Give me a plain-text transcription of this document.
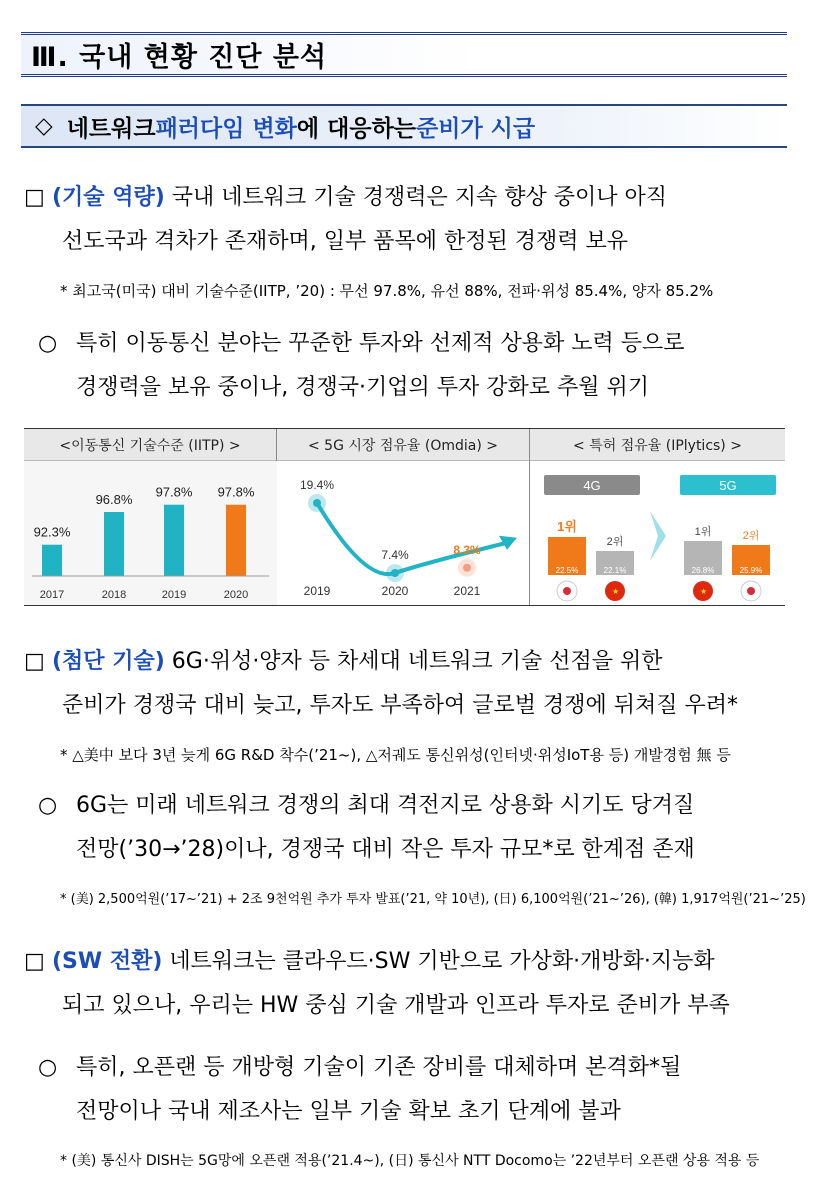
Ⅲ. 국내 현황 진단 분석
◇ 네트워크 패러다임 변화 에 대응하는 준비가 시급
□ (기술 역량) 국내 네트워크 기술 경쟁력은 지속 향상 중이나 아직
선도국과 격차가 존재하며, 일부 품목에 한정된 경쟁력 보유
* 최고국(미국) 대비 기술수준(IITP, ’20) : 무선 97.8%, 유선 88%, 전파·위성 85.4%, 양자 85.2%
○ 특히 이동통신 분야는 꾸준한 투자와 선제적 상용화 노력 등으로
경쟁력을 보유 중이나, 경쟁국·기업의 투자 강화로 추월 위기
<이동통신 기술수준 (IITP) >
92.3%
2017
96.8%
2018
97.8%
2019
97.8%
2020
< 5G 시장 점유율 (Omdia) >
19.4%
2019
7.4%
2020
8.3%
2021
< 특허 점유율 (IPlytics) >
4G
22.5%
1위
22.1%
2위
★
5G
26.8%
1위
★
25.9%
2위
□ (첨단 기술) 6G·위성·양자 등 차세대 네트워크 기술 선점을 위한
준비가 경쟁국 대비 늦고, 투자도 부족하여 글로벌 경쟁에 뒤쳐질 우려*
* △美中 보다 3년 늦게 6G R&D 착수(’21~), △저궤도 통신위성(인터넷·위성IoT용 등) 개발경험 無 등
○ 6G는 미래 네트워크 경쟁의 최대 격전지로 상용화 시기도 당겨질
전망(’30→’28)이나, 경쟁국 대비 작은 투자 규모*로 한계점 존재
* (美) 2,500억원(’17~’21) + 2조 9천억원 추가 투자 발표(’21, 약 10년), (日) 6,100억원(’21~’26), (韓) 1,917억원(’21~’25)
□ (SW 전환) 네트워크는 클라우드·SW 기반으로 가상화·개방화·지능화
되고 있으나, 우리는 HW 중심 기술 개발과 인프라 투자로 준비가 부족
○ 특히, 오픈랜 등 개방형 기술이 기존 장비를 대체하며 본격화*될
전망이나 국내 제조사는 일부 기술 확보 초기 단계에 불과
* (美) 통신사 DISH는 5G망에 오픈랜 적용(’21.4~), (日) 통신사 NTT Docomo는 ’22년부터 오픈랜 상용 적용 등
